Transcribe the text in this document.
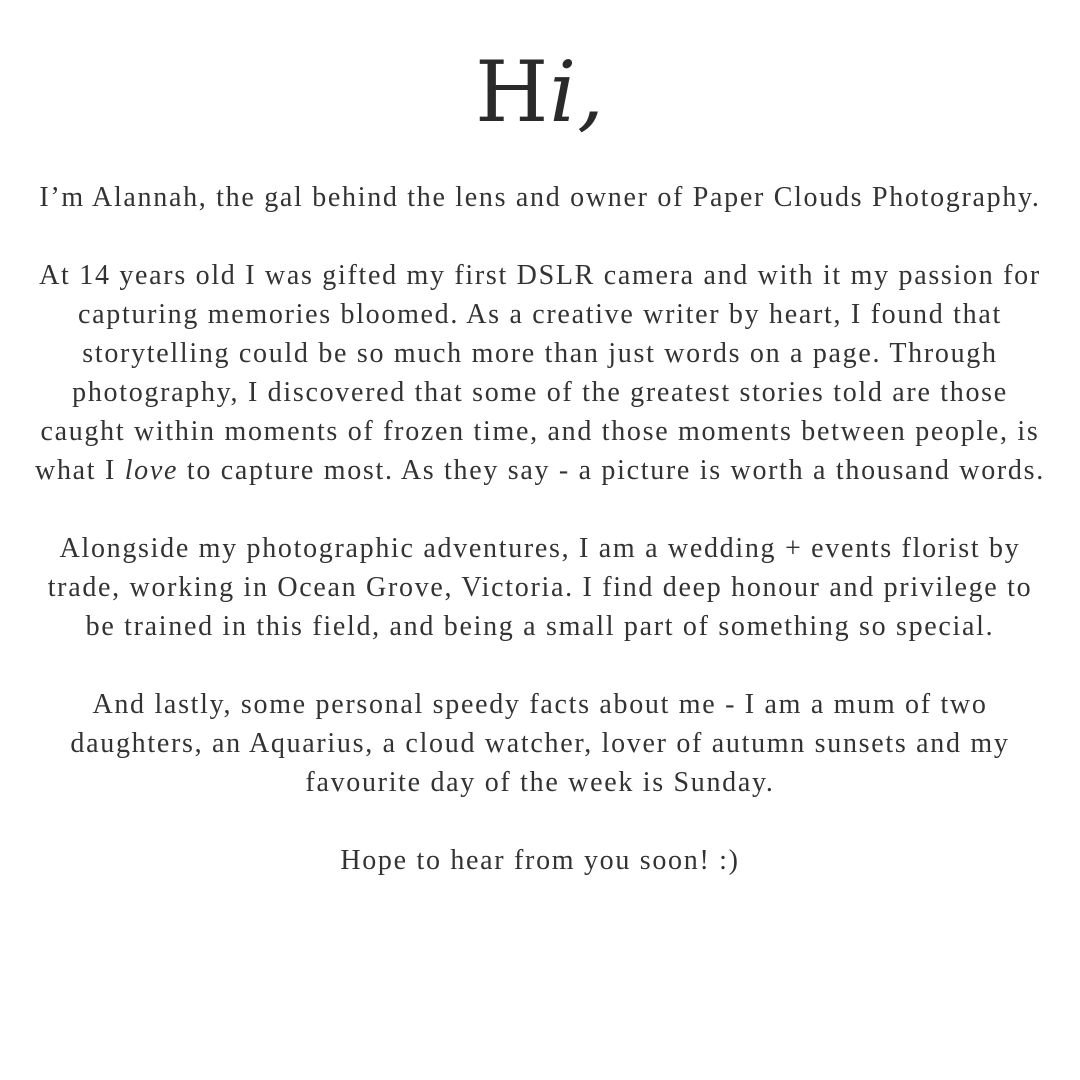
Hi,

I’m Alannah, the gal behind the lens and owner of Paper Clouds Photography.

At 14 years old I was gifted my first DSLR camera and with it my passion for capturing memories bloomed. As a creative writer by heart, I found that storytelling could be so much more than just words on a page. Through photography, I discovered that some of the greatest stories told are those caught within moments of frozen time, and those moments between people, is what I love to capture most. As they say - a picture is worth a thousand words.

Alongside my photographic adventures, I am a wedding + events florist by trade, working in Ocean Grove, Victoria. I find deep honour and privilege to be trained in this field, and being a small part of something so special.

And lastly, some personal speedy facts about me - I am a mum of two daughters, an Aquarius, a cloud watcher, lover of autumn sunsets and my favourite day of the week is Sunday.

Hope to hear from you soon! :)
